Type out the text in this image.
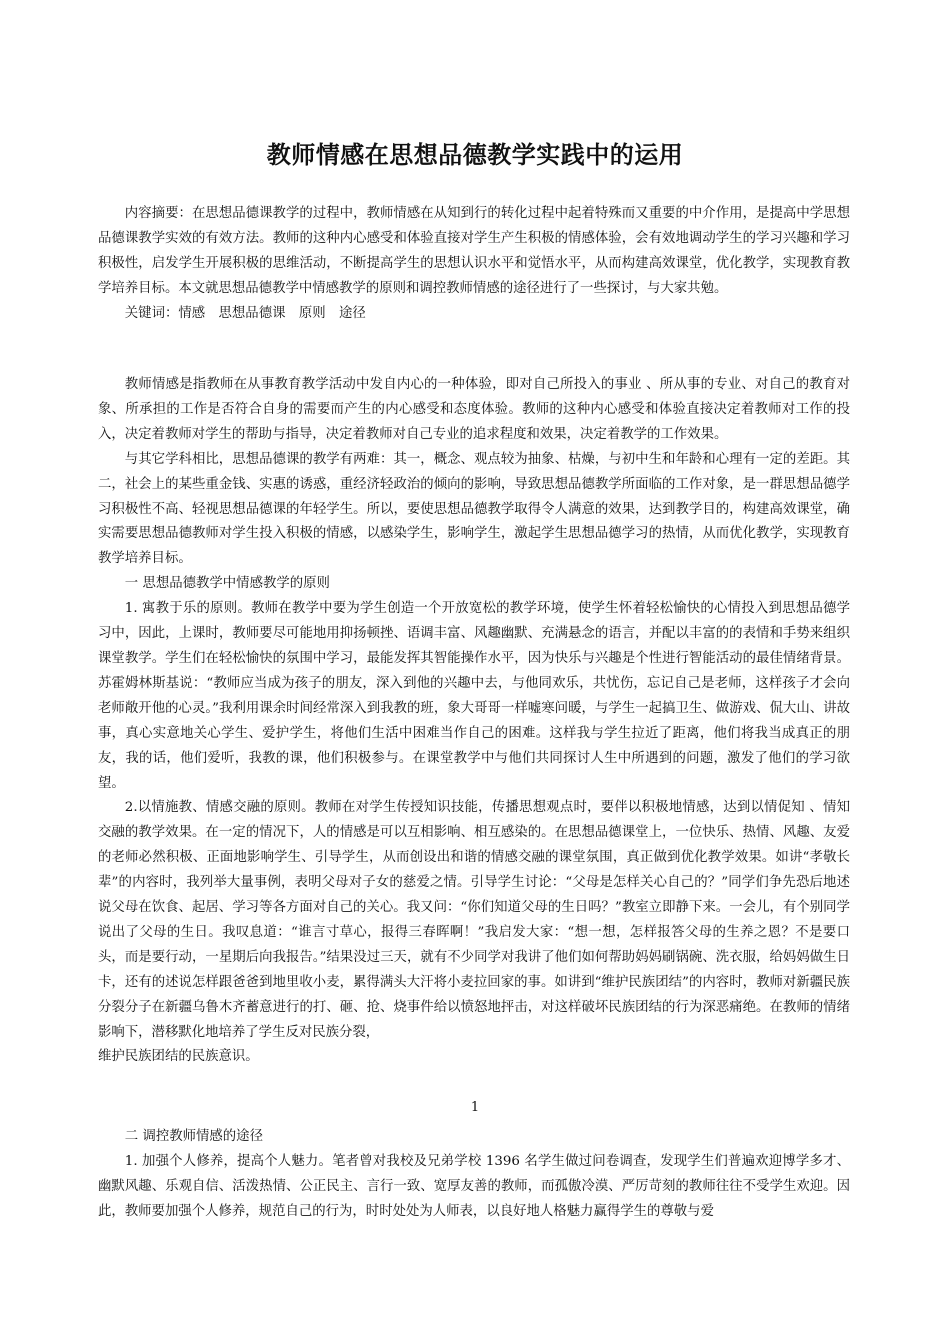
教师情感在思想品德教学实践中的运用

内容摘要：在思想品德课教学的过程中，教师情感在从知到行的转化过程中起着特殊而又重要的中介作用，是提高中学思想品德课教学实效的有效方法。教师的这种内心感受和体验直接对学生产生积极的情感体验，会有效地调动学生的学习兴趣和学习积极性，启发学生开展积极的思维活动，不断提高学生的思想认识水平和觉悟水平，从而构建高效课堂，优化教学，实现教育教学培养目标。本文就思想品德教学中情感教学的原则和调控教师情感的途径进行了一些探讨，与大家共勉。

关键词：情感　思想品德课　原则　途径

教师情感是指教师在从事教育教学活动中发自内心的一种体验，即对自己所投入的事业 、所从事的专业、对自己的教育对象、所承担的工作是否符合自身的需要而产生的内心感受和态度体验。教师的这种内心感受和体验直接决定着教师对工作的投入，决定着教师对学生的帮助与指导，决定着教师对自己专业的追求程度和效果，决定着教学的工作效果。

与其它学科相比，思想品德课的教学有两难：其一，概念、观点较为抽象、枯燥，与初中生和年龄和心理有一定的差距。其二，社会上的某些重金钱、实惠的诱惑，重经济轻政治的倾向的影响，导致思想品德教学所面临的工作对象，是一群思想品德学习积极性不高、轻视思想品德课的年轻学生。所以，要使思想品德教学取得令人满意的效果，达到教学目的，构建高效课堂，确实需要思想品德教师对学生投入积极的情感，以感染学生，影响学生，激起学生思想品德学习的热情，从而优化教学，实现教育教学培养目标。

一 思想品德教学中情感教学的原则

1. 寓教于乐的原则。教师在教学中要为学生创造一个开放宽松的教学环境，使学生怀着轻松愉快的心情投入到思想品德学习中，因此，上课时，教师要尽可能地用抑扬顿挫、语调丰富、风趣幽默、充满悬念的语言，并配以丰富的的表情和手势来组织课堂教学。学生们在轻松愉快的氛围中学习，最能发挥其智能操作水平，因为快乐与兴趣是个性进行智能活动的最佳情绪背景。苏霍姆林斯基说：“教师应当成为孩子的朋友，深入到他的兴趣中去，与他同欢乐，共忧伤，忘记自己是老师，这样孩子才会向老师敞开他的心灵。”我利用课余时间经常深入到我教的班，象大哥哥一样嘘寒问暖，与学生一起搞卫生、做游戏、侃大山、讲故事，真心实意地关心学生、爱护学生，将他们生活中困难当作自己的困难。这样我与学生拉近了距离，他们将我当成真正的朋友，我的话，他们爱听，我教的课，他们积极参与。在课堂教学中与他们共同探讨人生中所遇到的问题，激发了他们的学习欲望。

2.以情施教、情感交融的原则。教师在对学生传授知识技能，传播思想观点时，要伴以积极地情感，达到以情促知 、情知交融的教学效果。在一定的情况下，人的情感是可以互相影响、相互感染的。在思想品德课堂上，一位快乐、热情、风趣、友爱的老师必然积极、正面地影响学生、引导学生，从而创设出和谐的情感交融的课堂氛围，真正做到优化教学效果。如讲“孝敬长辈”的内容时，我列举大量事例，表明父母对子女的慈爱之情。引导学生讨论：“父母是怎样关心自己的？”同学们争先恐后地述说父母在饮食、起居、学习等各方面对自己的关心。我又问：“你们知道父母的生日吗？”教室立即静下来。一会儿，有个别同学说出了父母的生日。我叹息道：“谁言寸草心，报得三春晖啊！”我启发大家：“想一想，怎样报答父母的生养之恩？不是要口头，而是要行动，一星期后向我报告。”结果没过三天，就有不少同学对我讲了他们如何帮助妈妈刷锅碗、洗衣服，给妈妈做生日卡，还有的述说怎样跟爸爸到地里收小麦，累得满头大汗将小麦拉回家的事。如讲到“维护民族团结”的内容时，教师对新疆民族分裂分子在新疆乌鲁木齐蓄意进行的打、砸、抢、烧事件给以愤怒地抨击，对这样破坏民族团结的行为深恶痛绝。在教师的情绪影响下，潜移默化地培养了学生反对民族分裂，

维护民族团结的民族意识。

1

二 调控教师情感的途径

1. 加强个人修养，提高个人魅力。笔者曾对我校及兄弟学校 1396 名学生做过问卷调查，发现学生们普遍欢迎博学多才、幽默风趣、乐观自信、活泼热情、公正民主、言行一致、宽厚友善的教师，而孤傲冷漠、严厉苛刻的教师往往不受学生欢迎。因此，教师要加强个人修养，规范自己的行为，时时处处为人师表，以良好地人格魅力赢得学生的尊敬与爱
